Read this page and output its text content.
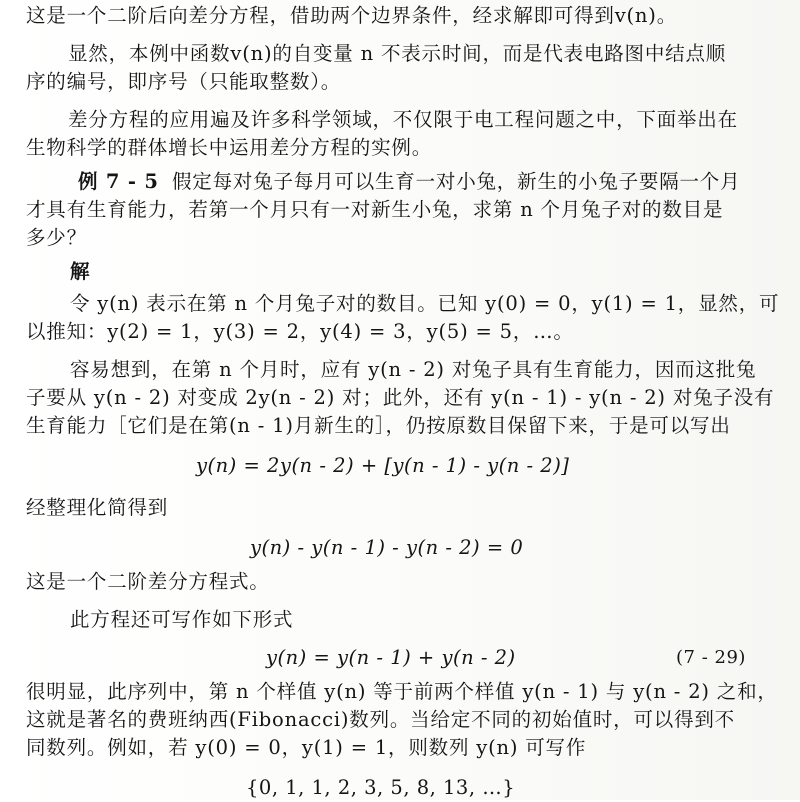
这是一个二阶后向差分方程，借助两个边界条件，经求解即可得到v(n)。
显然，本例中函数v(n)的自变量 n 不表示时间，而是代表电路图中结点顺
序的编号，即序号（只能取整数）。
差分方程的应用遍及许多科学领域，不仅限于电工程问题之中，下面举出在
生物科学的群体增长中运用差分方程的实例。
例 7 - 5 假定每对兔子每月可以生育一对小兔，新生的小兔子要隔一个月
才具有生育能力，若第一个月只有一对新生小兔，求第 n 个月兔子对的数目是
多少？
解
令 y(n) 表示在第 n 个月兔子对的数目。已知 y(0) = 0，y(1) = 1，显然，可
以推知：y(2) = 1，y(3) = 2，y(4) = 3，y(5) = 5，…。
容易想到，在第 n 个月时，应有 y(n - 2) 对兔子具有生育能力，因而这批兔
子要从 y(n - 2) 对变成 2y(n - 2) 对；此外，还有 y(n - 1) - y(n - 2) 对兔子没有
生育能力［它们是在第(n - 1)月新生的］，仍按原数目保留下来，于是可以写出
y(n) = 2y(n - 2) + [y(n - 1) - y(n - 2)]
经整理化简得到
y(n) - y(n - 1) - y(n - 2) = 0
这是一个二阶差分方程式。
此方程还可写作如下形式
y(n) = y(n - 1) + y(n - 2)	(7 - 29)
很明显，此序列中，第 n 个样值 y(n) 等于前两个样值 y(n - 1) 与 y(n - 2) 之和，
这就是著名的费班纳西(Fibonacci)数列。当给定不同的初始值时，可以得到不
同数列。例如，若 y(0) = 0，y(1) = 1，则数列 y(n) 可写作
{0, 1, 1, 2, 3, 5, 8, 13, …}
